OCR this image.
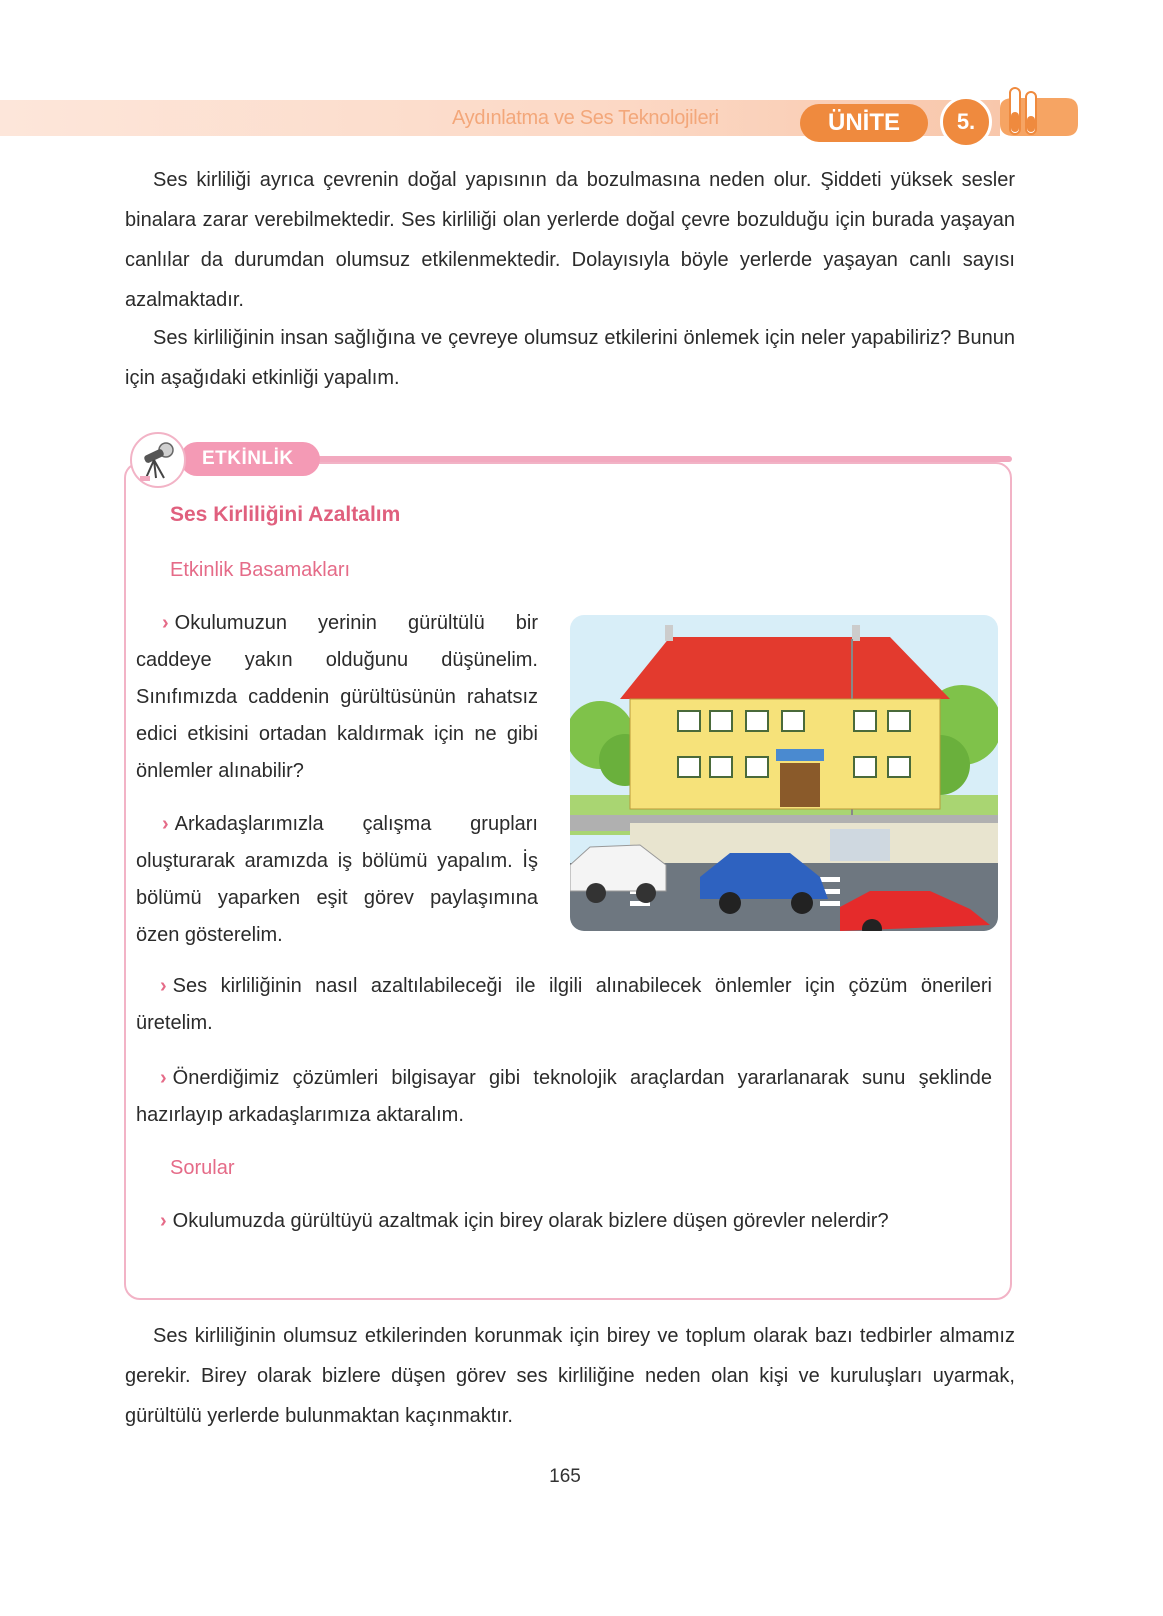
Aydınlatma ve Ses Teknolojileri	ÜNİTE	5.

Ses kirliliği ayrıca çevrenin doğal yapısının da bozulmasına neden olur. Şiddeti yüksek sesler binalara zarar verebilmektedir. Ses kirliliği olan yerlerde doğal çevre bozulduğu için burada yaşayan canlılar da durumdan olumsuz etkilenmektedir. Dolayısıyla böyle yerlerde yaşayan canlı sayısı azalmaktadır.

Ses kirliliğinin insan sağlığına ve çevreye olumsuz etkilerini önlemek için neler yapabiliriz? Bunun için aşağıdaki etkinliği yapalım.

ETKİNLİK
Ses Kirliliğini Azaltalım
Etkinlik Basamakları

› Okulumuzun yerinin gürültülü bir caddeye yakın olduğunu düşünelim. Sınıfımızda caddenin gürültüsünün rahatsız edici etkisini ortadan kaldırmak için ne gibi önlemler alınabilir?

› Arkadaşlarımızla çalışma grupları oluşturarak aramızda iş bölümü yapalım. İş bölümü yaparken eşit görev paylaşımına özen gösterelim.

› Ses kirliliğinin nasıl azaltılabileceği ile ilgili alınabilecek önlemler için çözüm önerileri üretelim.

› Önerdiğimiz çözümleri bilgisayar gibi teknolojik araçlardan yararlanarak sunu şeklinde hazırlayıp arkadaşlarımıza aktaralım.

Sorular

› Okulumuzda gürültüyü azaltmak için birey olarak bizlere düşen görevler nelerdir?

Ses kirliliğinin olumsuz etkilerinden korunmak için birey ve toplum olarak bazı tedbirler almamız gerekir. Birey olarak bizlere düşen görev ses kirliliğine neden olan kişi ve kuruluşları uyarmak, gürültülü yerlerde bulunmaktan kaçınmaktır.

165
